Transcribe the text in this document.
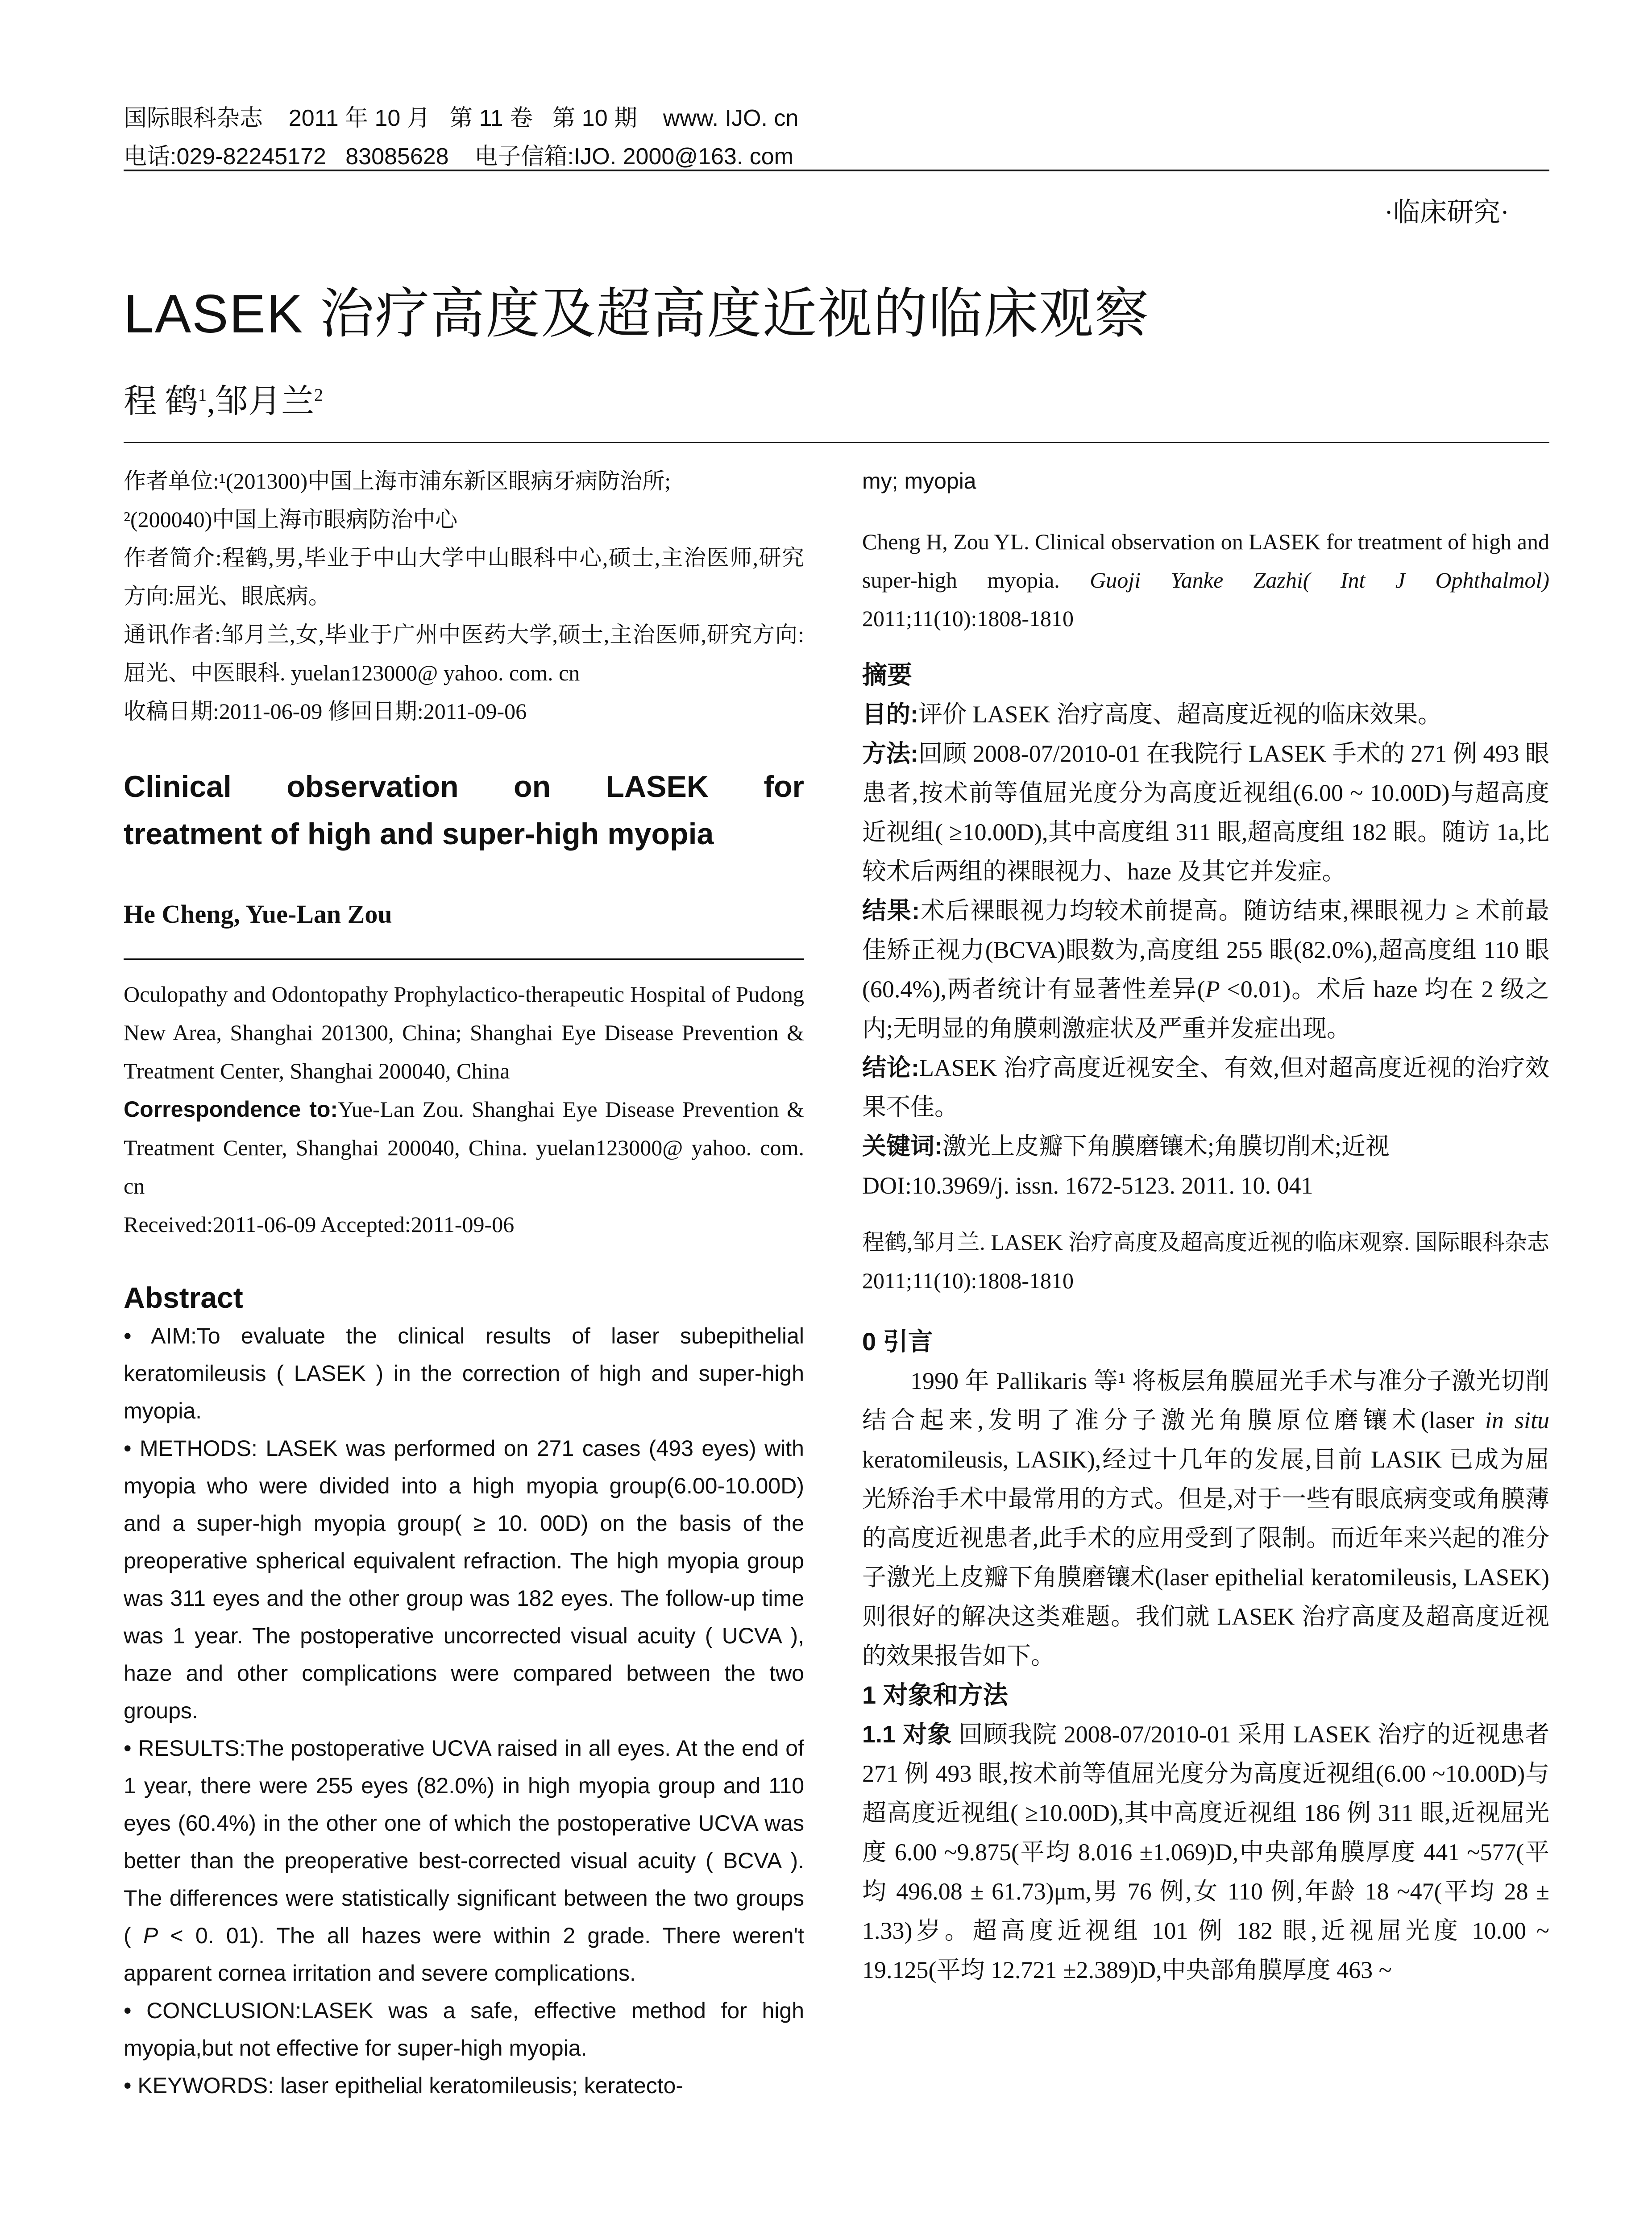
国际眼科杂志    2011 年 10 月   第 11 卷   第 10 期    www. IJO. cn
电话:029-82245172   83085628    电子信箱:IJO. 2000@163. com
·临床研究·
LASEK 治疗高度及超高度近视的临床观察
程 鹤$^1$,邹月兰$^2$

作者单位:¹(201300)中国上海市浦东新区眼病牙病防治所;

²(200040)中国上海市眼病防治中心

作者简介:程鹤,男,毕业于中山大学中山眼科中心,硕士,主治医师,研究方向:屈光、眼底病。

通讯作者:邹月兰,女,毕业于广州中医药大学,硕士,主治医师,研究方向:屈光、中医眼科. yuelan123000@ yahoo. com. cn

收稿日期:2011-06-09 修回日期:2011-09-06

Clinical observation on LASEK for

treatment of high and super-high myopia

He Cheng, Yue-Lan Zou

Oculopathy and Odontopathy Prophylactico-therapeutic Hospital of Pudong New Area, Shanghai 201300, China; Shanghai Eye Disease Prevention & Treatment Center, Shanghai 200040, China

Correspondence to:Yue-Lan Zou. Shanghai Eye Disease Prevention & Treatment Center, Shanghai 200040, China. yuelan123000@ yahoo. com. cn

Received:2011-06-09 Accepted:2011-09-06

Abstract

• AIM:To evaluate the clinical results of laser subepithelial keratomileusis ( LASEK ) in the correction of high and super-high myopia.

• METHODS: LASEK was performed on 271 cases (493 eyes) with myopia who were divided into a high myopia group(6.00-10.00D) and a super-high myopia group( ≥ 10. 00D) on the basis of the preoperative spherical equivalent refraction. The high myopia group was 311 eyes and the other group was 182 eyes. The follow-up time was 1 year. The postoperative uncorrected visual acuity ( UCVA ), haze and other complications were compared between the two groups.

• RESULTS:The postoperative UCVA raised in all eyes. At the end of 1 year, there were 255 eyes (82.0%) in high myopia group and 110 eyes (60.4%) in the other one of which the postoperative UCVA was better than the preoperative best-corrected visual acuity ( BCVA ). The differences were statistically significant between the two groups ( P < 0. 01). The all hazes were within 2 grade. There weren't apparent cornea irritation and severe complications.

• CONCLUSION:LASEK was a safe, effective method for high myopia,but not effective for super-high myopia.

• KEYWORDS: laser epithelial keratomileusis; keratecto-

my; myopia

Cheng H, Zou YL. Clinical observation on LASEK for treatment of high and super-high myopia. Guoji Yanke Zazhi( Int J Ophthalmol) 2011;11(10):1808-1810

摘要

目的:评价 LASEK 治疗高度、超高度近视的临床效果。

方法:回顾 2008-07/2010-01 在我院行 LASEK 手术的 271 例 493 眼患者,按术前等值屈光度分为高度近视组(6.00 ~ 10.00D)与超高度近视组( ≥10.00D),其中高度组 311 眼,超高度组 182 眼。随访 1a,比较术后两组的裸眼视力、haze 及其它并发症。

结果:术后裸眼视力均较术前提高。随访结束,裸眼视力 ≥ 术前最佳矫正视力(BCVA)眼数为,高度组 255 眼(82.0%),超高度组 110 眼(60.4%),两者统计有显著性差异(P <0.01)。术后 haze 均在 2 级之内;无明显的角膜刺激症状及严重并发症出现。

结论:LASEK 治疗高度近视安全、有效,但对超高度近视的治疗效果不佳。

关键词:激光上皮瓣下角膜磨镶术;角膜切削术;近视

DOI:10.3969/j. issn. 1672-5123. 2011. 10. 041

程鹤,邹月兰. LASEK 治疗高度及超高度近视的临床观察. 国际眼科杂志 2011;11(10):1808-1810

0 引言

1990 年 Pallikaris 等¹ 将板层角膜屈光手术与准分子激光切削结合起来,发明了准分子激光角膜原位磨镶术(laser in situ keratomileusis, LASIK),经过十几年的发展,目前 LASIK 已成为屈光矫治手术中最常用的方式。但是,对于一些有眼底病变或角膜薄的高度近视患者,此手术的应用受到了限制。而近年来兴起的准分子激光上皮瓣下角膜磨镶术(laser epithelial keratomileusis, LASEK)则很好的解决这类难题。我们就 LASEK 治疗高度及超高度近视的效果报告如下。

1 对象和方法

1.1 对象 回顾我院 2008-07/2010-01 采用 LASEK 治疗的近视患者 271 例 493 眼,按术前等值屈光度分为高度近视组(6.00 ~10.00D)与超高度近视组( ≥10.00D),其中高度近视组 186 例 311 眼,近视屈光度 6.00 ~9.875(平均 8.016 ±1.069)D,中央部角膜厚度 441 ~577(平均 496.08 ± 61.73)μm,男 76 例,女 110 例,年龄 18 ~47(平均 28 ± 1.33)岁。超高度近视组 101 例 182 眼,近视屈光度 10.00 ~ 19.125(平均 12.721 ±2.389)D,中央部角膜厚度 463 ~
